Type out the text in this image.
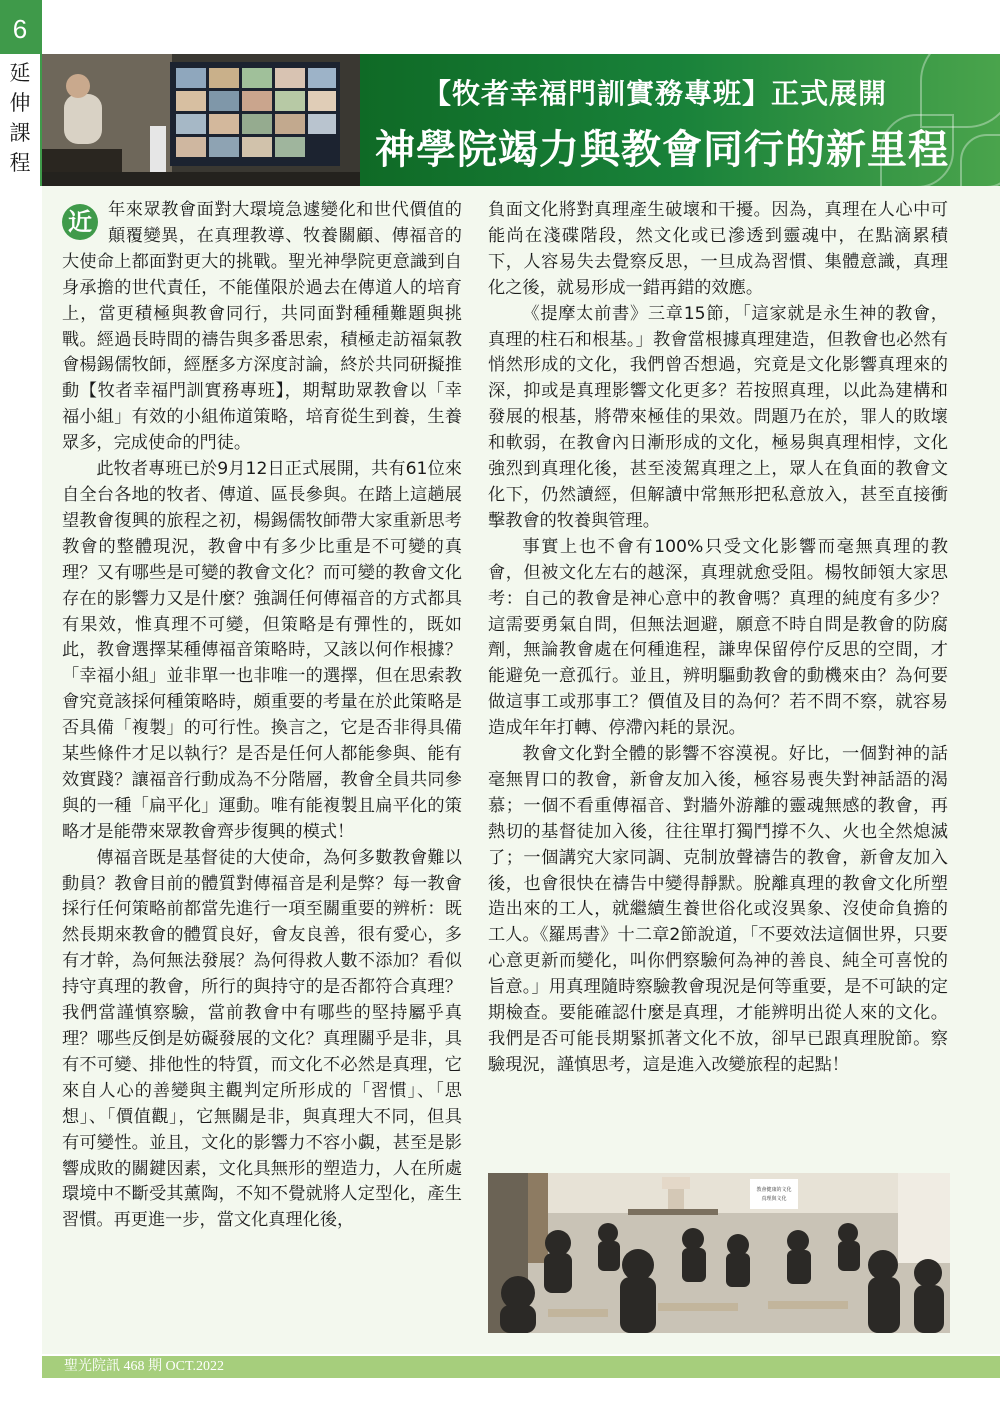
6
延
伸
課
程
【牧者幸福門訓實務專班】正式展開
神學院竭力與教會同行的新里程

近 年來眾教會面對大環境急遽變化和世代價值的顛覆變異，在真理教導、牧養關顧、傳福音的大使命上都面對更大的挑戰。聖光神學院更意識到自身承擔的世代責任，不能僅限於過去在傳道人的培育上，當更積極與教會同行，共同面對種種難題與挑戰。經過長時間的禱告與多番思索，積極走訪福氣教會楊錫儒牧師，經歷多方深度討論，終於共同研擬推動【牧者幸福門訓實務專班】，期幫助眾教會以「幸福小組」有效的小組佈道策略，培育從生到養，生養眾多，完成使命的門徒。

此牧者專班已於9月12日正式展開，共有61位來自全台各地的牧者、傳道、區長參與。在踏上這趟展望教會復興的旅程之初，楊錫儒牧師帶大家重新思考教會的整體現況，教會中有多少比重是不可變的真理？又有哪些是可變的教會文化？而可變的教會文化存在的影響力又是什麼？強調任何傳福音的方式都具有果效，惟真理不可變，但策略是有彈性的，既如此，教會選擇某種傳福音策略時，又該以何作根據？「幸福小組」並非單一也非唯一的選擇，但在思索教會究竟該採何種策略時，頗重要的考量在於此策略是否具備「複製」的可行性。換言之，它是否非得具備某些條件才足以執行？是否是任何人都能參與、能有效實踐？讓福音行動成為不分階層，教會全員共同參與的一種「扁平化」運動。唯有能複製且扁平化的策略才是能帶來眾教會齊步復興的模式！

傳福音既是基督徒的大使命，為何多數教會難以動員？教會目前的體質對傳福音是利是弊？每一教會採行任何策略前都當先進行一項至關重要的辨析：既然長期來教會的體質良好，會友良善，很有愛心，多有才幹，為何無法發展？為何得救人數不添加？看似持守真理的教會，所行的與持守的是否都符合真理？我們當謹慎察驗，當前教會中有哪些的堅持屬乎真理？哪些反倒是妨礙發展的文化？真理關乎是非，具有不可變、排他性的特質，而文化不必然是真理，它來自人心的善變與主觀判定所形成的「習慣」、「思想」、「價值觀」，它無關是非，與真理大不同，但具有可變性。並且，文化的影響力不容小覷，甚至是影響成敗的關鍵因素，文化具無形的塑造力，人在所處環境中不斷受其薰陶，不知不覺就將人定型化，產生習慣。再更進一步，當文化真理化後，

負面文化將對真理產生破壞和干擾。因為，真理在人心中可能尚在淺碟階段，然文化或已滲透到靈魂中，在點滴累積下，人容易失去覺察反思，一旦成為習慣、集體意識，真理化之後，就易形成一錯再錯的效應。

《提摩太前書》三章15節，「這家就是永生神的教會，真理的柱石和根基。」教會當根據真理建造，但教會也必然有悄然形成的文化，我們曾否想過，究竟是文化影響真理來的深，抑或是真理影響文化更多？若按照真理，以此為建構和發展的根基，將帶來極佳的果效。問題乃在於，罪人的敗壞和軟弱，在教會內日漸形成的文化，極易與真理相悖，文化強烈到真理化後，甚至淩駕真理之上，眾人在負面的教會文化下，仍然讀經，但解讀中常無形把私意放入，甚至直接衝擊教會的牧養與管理。

事實上也不會有100%只受文化影響而毫無真理的教會，但被文化左右的越深，真理就愈受阻。楊牧師領大家思考：自己的教會是神心意中的教會嗎？真理的純度有多少？這需要勇氣自問，但無法迴避，願意不時自問是教會的防腐劑，無論教會處在何種進程，謙卑保留停佇反思的空間，才能避免一意孤行。並且，辨明驅動教會的動機來由？為何要做這事工或那事工？價值及目的為何？若不問不察，就容易造成年年打轉、停滯內耗的景況。

教會文化對全體的影響不容漠視。好比，一個對神的話毫無胃口的教會，新會友加入後，極容易喪失對神話語的渴慕；一個不看重傳福音、對牆外游離的靈魂無感的教會，再熱切的基督徒加入後，往往單打獨鬥撐不久、火也全然熄滅了；一個講究大家同調、克制放聲禱告的教會，新會友加入後，也會很快在禱告中變得靜默。脫離真理的教會文化所塑造出來的工人，就繼續生養世俗化或沒異象、沒使命負擔的工人。《羅馬書》十二章2節說道，「不要效法這個世界，只要心意更新而變化，叫你們察驗何為神的善良、純全可喜悅的旨意。」用真理隨時察驗教會現況是何等重要，是不可缺的定期檢查。要能確認什麼是真理，才能辨明出從人來的文化。我們是否可能長期緊抓著文化不放，卻早已跟真理脫節。察驗現況，謹慎思考，這是進入改變旅程的起點！

教會健康的文化
真理與文化
聖光院訊 468 期 OCT.2022
